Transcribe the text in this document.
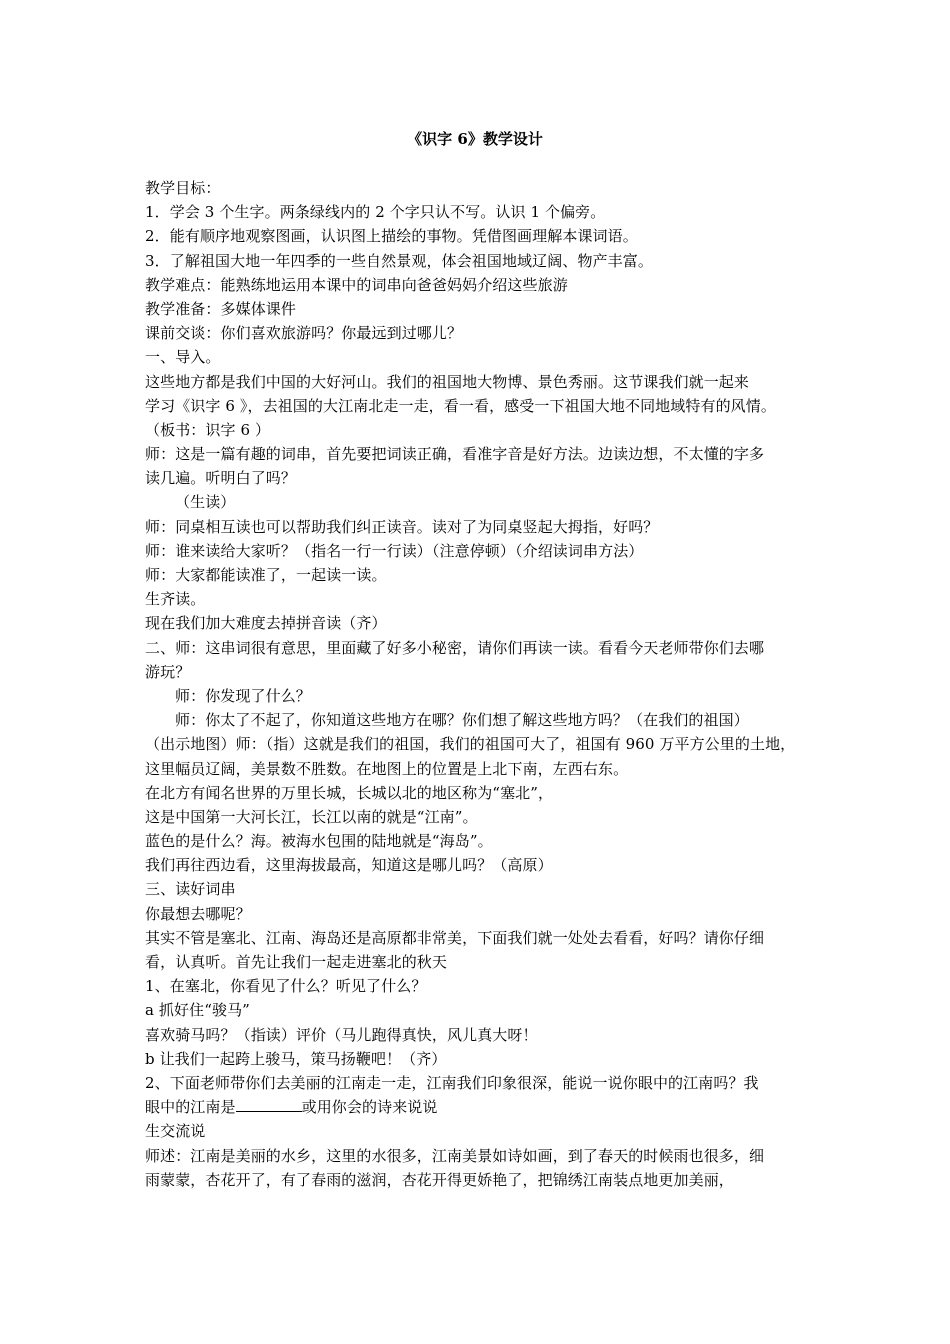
《识字 6》教学设计
教学目标：
1．学会 3 个生字。两条绿线内的 2 个字只认不写。认识 1 个偏旁。
2．能有顺序地观察图画，认识图上描绘的事物。凭借图画理解本课词语。
3．了解祖国大地一年四季的一些自然景观，体会祖国地域辽阔、物产丰富。
教学难点：能熟练地运用本课中的词串向爸爸妈妈介绍这些旅游
教学准备：多媒体课件
课前交谈：你们喜欢旅游吗？你最远到过哪儿？
一、导入。
这些地方都是我们中国的大好河山。我们的祖国地大物博、景色秀丽。这节课我们就一起来
学习《识字 6 》，去祖国的大江南北走一走，看一看，感受一下祖国大地不同地域特有的风情。
（板书：识字 6 ）
师：这是一篇有趣的词串，首先要把词读正确，看准字音是好方法。边读边想，不太懂的字多
读几遍。听明白了吗？
（生读）
师：同桌相互读也可以帮助我们纠正读音。读对了为同桌竖起大拇指，好吗？
师：谁来读给大家听？（指名一行一行读）（注意停顿）（介绍读词串方法）
师：大家都能读准了，一起读一读。
生齐读。
现在我们加大难度去掉拼音读（齐）
二、师：这串词很有意思，里面藏了好多小秘密，请你们再读一读。看看今天老师带你们去哪
游玩？
师：你发现了什么？
师：你太了不起了，你知道这些地方在哪？你们想了解这些地方吗？（在我们的祖国）
（出示地图）师：（指）这就是我们的祖国，我们的祖国可大了，祖国有 960 万平方公里的土地，
这里幅员辽阔，美景数不胜数。在地图上的位置是上北下南，左西右东。
在北方有闻名世界的万里长城，长城以北的地区称为“塞北”，
这是中国第一大河长江，长江以南的就是“江南”。
蓝色的是什么？海。被海水包围的陆地就是“海岛”。
我们再往西边看，这里海拔最高，知道这是哪儿吗？（高原）
三、读好词串
你最想去哪呢？
其实不管是塞北、江南、海岛还是高原都非常美，下面我们就一处处去看看，好吗？请你仔细
看，认真听。首先让我们一起走进塞北的秋天
1、在塞北，你看见了什么？听见了什么？
a 抓好住“骏马”
喜欢骑马吗？（指读）评价（马儿跑得真快，风儿真大呀！
b 让我们一起跨上骏马，策马扬鞭吧！（齐）
2、下面老师带你们去美丽的江南走一走，江南我们印象很深，能说一说你眼中的江南吗？我
眼中的江南是	或用你会的诗来说说
生交流说
师述：江南是美丽的水乡，这里的水很多，江南美景如诗如画，到了春天的时候雨也很多，细
雨蒙蒙，杏花开了，有了春雨的滋润，杏花开得更娇艳了，把锦绣江南装点地更加美丽，
